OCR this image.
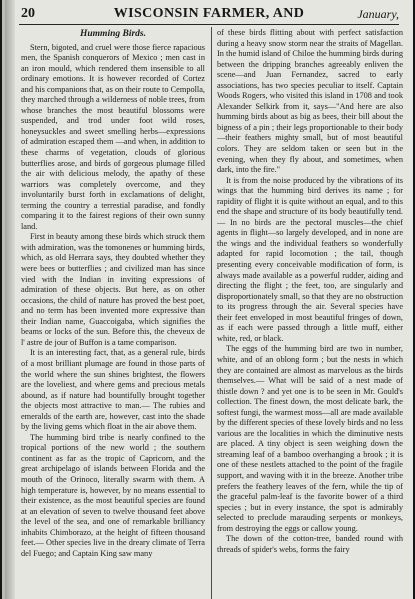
20	WISCONSIN FARMER, AND	January,
Humming Birds.

Stern, bigoted, and cruel were those fierce rapacious men, the Spanish conquerors of Mexico ; men cast in an iron mould, which rendered them insensible to all ordinary emotions. It is however recorded of Cortez and his companions that, as on their route to Cempolla, they marched through a wilderness of noble trees, from whose branches the most beautiful blossoms were suspended, and trod under foot wild roses, honeysuckles and sweet smelling herbs—expressions of admiration escaped them —and when, in addition to these charms of vegetation, clouds of glorious butterflies arose, and birds of gorgeous plumage filled the air with delicious melody, the apathy of these warriors was completely overcome, and they involuntarily burst forth in exclamations of delight, terming the country a terrestial paradise, and fondly comparing it to the fairest regions of their own sunny land.

First in beauty among these birds which struck them with admiration, was the tomonenes or humming birds, which, as old Herrara says, they doubted whether they were bees or butterflies ; and civilized man has since vied with the Indian in inviting expressions of admiration of these objects. But here, as on other occasions, the child of nature has proved the best poet, and no term has been invented more expressive than their Indian name, Guaccoigaba, which signifies the beams or locks of the sun. Before this, the cheveux de l' astre de jour of Buffon is a tame comparison.

It is an interesting fact, that, as a general rule, birds of a most brilliant plumage are found in those parts of the world where the sun shines brightest, the flowers are the loveliest, and where gems and precious metals abound, as if nature had bountifully brought together the objects most attractive to man.— The rubies and emeralds of the earth are, however, cast into the shade by the living gems which float in the air above them.

The humming bird tribe is nearly confined to the tropical portions of the new world ; the southern continent as far as the tropic of Capricorn, and the great archipelago of islands between Florida and the mouth of the Orinoco, literally swarm with them. A high temperature is, however, by no means essential to their existence, as the most beautiful species are found at an elevation of seven to twelve thousand feet above the level of the sea, and one of remarkable brilliancy inhabits Chimborazo, at the height of fifteen thousand feet.— Other species live in the dreary climate of Terra del Fuego; and Captain King saw many

of these birds flitting about with perfect satisfaction during a heavy snow storm near the straits of Magellan. In the humid island of Chiloe the humming birds during between the dripping branches agreeably enliven the scene—and Juan Fernandez, sacred to early associations, has two species peculiar to itself. Captain Woods Rogers, who visited this island in 1708 and took Alexander Selkirk from it, says—"And here are also humming birds about as big as bees, their bill about the bigness of a pin ; their legs proportionable to their body—their feathers mighty small, but of most beautiful colors. They are seldom taken or seen but in the evening, when they fly about, and sometimes, when dark, into the fire."

It is from the noise produced by the vibrations of its wings that the humming bird derives its name ; for rapidity of flight it is quite without an equal, and to this end the shape and structure of its body beautifully tend.— In no birds are the pectoral muscles—the chief agents in flight—so largely developed, and in none are the wings and the individual feathers so wonderfully adapted for rapid locomotion ; the tail, though presenting every conceivable modification of form, is always made available as a powerful rudder, aiding and directing the flight ; the feet, too, are singularly and disproportionately small, so that they are no obstruction to its progress through the air. Several species have their feet enveloped in most beautiful fringes of down, as if each were passed through a little muff, either white, red, or black.

The eggs of the humming bird are two in number, white, and of an oblong form ; but the nests in which they are contained are almost as marvelous as the birds themselves.— What will be said of a nest made of thistle down ? and yet one is to be seen in Mr. Gould's collection. The finest down, the most delicate bark, the softest fungi, the warmest moss—all are made available by the different species of these lovely birds and no less various are the localities in which the diminutive nests are placed. A tiny object is seen weighing down the streaming leaf of a bamboo overhanging a brook ; it is one of these nestlets attached to the point of the fragile support, and waving with it in the breeze. Another tribe prefers the feathery leaves of the fern, while the tip of the graceful palm-leaf is the favorite bower of a third species ; but in every instance, the spot is admirably selected to preclude marauding serpents or monkeys, from destroying the eggs or callow young.

The down of the cotton-tree, banded round with threads of spider's webs, forms the fairy
